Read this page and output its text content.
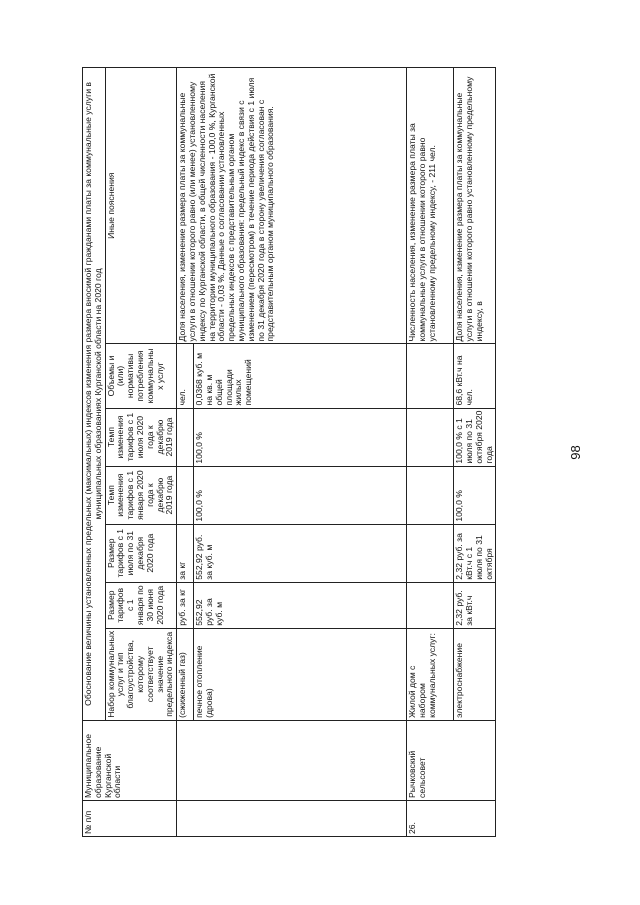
98
№ п/п	Муниципальное образование Курганской области	Обоснование величины установленных предельных (максимальных) индексов изменения размера вносимой гражданами платы за коммунальные услуги в муниципальных образованиях Курганской области на 2020 год						
		Набор коммунальных услуг и тип благоустройства, которому соответствует значение предельного индекса	Размер тарифов с 1 января по 30 июня 2020 года	Размер тарифов с 1 июля по 31 декабря 2020 года	Темп изменения тарифов с 1 января 2020 года к декабрю 2019 года	Темп изменения тарифов с 1 июля 2020 года к декабрю 2019 года	Объемы и (или) нормативы потребления коммунальных услуг	Иные пояснения
		(сжиженный газ)	руб. за кг	за кг			чел.	Доля населения, изменение размера платы за коммунальные услуги в отношении которого равно (или менее) установленному индексу по Курганской области, в общей численности населения на территории муниципального образования - 100,0 %, Курганской области - 0,03 %. Данные о согласовании установленных предельных индексов с представительным органом муниципального образования: предельный индекс в связи с изменением (пересмотром) в течение периода действия с 1 июля по 31 декабря 2020 года в сторону увеличения согласован с представительным органом муниципального образования.
		печное отопление (дрова)	552,92 руб. за куб. м	552,92 руб. за куб. м	100,0 %	100,0 %	0,0368 куб. м на кв. м общей площади жилых помещений	
26.	Рычковский сельсовет	Жилой дом с набором коммунальных услуг:						Численность населения, изменение размера платы за коммунальные услуги в отношении которого равно установленному предельному индексу, - 211 чел.
		электроснабжение	2,32 руб. за кВт.ч	2,32 руб. за кВт.ч с 1 июля по 31 октября	100,0 %	100,0 % с 1 июля по 31 октября 2020 года	68,6 кВт.ч на чел.	Доля населения, изменение размера платы за коммунальные услуги в отношении которого равно установленному предельному индексу, в
